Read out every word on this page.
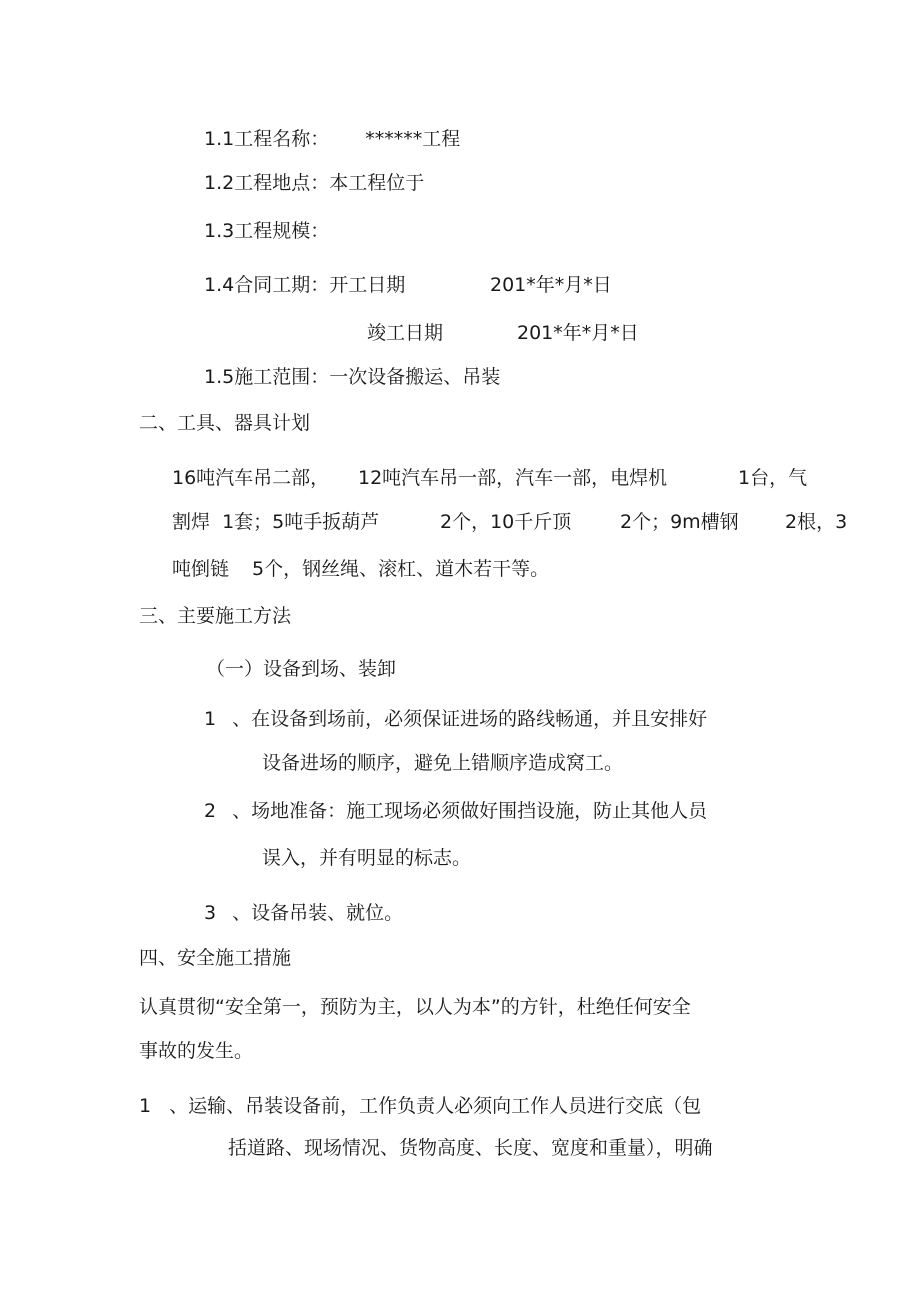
1.1工程名称： ******工程
1.2工程地点：本工程位于
1.3工程规模：
1.4合同工期：开工日期	201*年*月*日
竣工日期	201*年*月*日
1.5施工范围：一次设备搬运、吊装
二、工具、器具计划
16吨汽车吊二部， 12吨汽车吊一部，汽车一部，电焊机	1台，气
割焊  1套；5吨手扳葫芦	2个，10千斤顶	2个；9m槽钢 2根，3
吨倒链 5个，钢丝绳、滚杠、道木若干等。
三、主要施工方法
（一）设备到场、装卸
1 、在设备到场前，必须保证进场的路线畅通，并且安排好
设备进场的顺序，避免上错顺序造成窝工。
2 、场地准备：施工现场必须做好围挡设施，防止其他人员
误入，并有明显的标志。
3 、设备吊装、就位。
四、安全施工措施
认真贯彻“安全第一，预防为主，以人为本”的方针，杜绝任何安全
事故的发生。
1 、运输、吊装设备前，工作负责人必须向工作人员进行交底（包
括道路、现场情况、货物高度、长度、宽度和重量），明确
